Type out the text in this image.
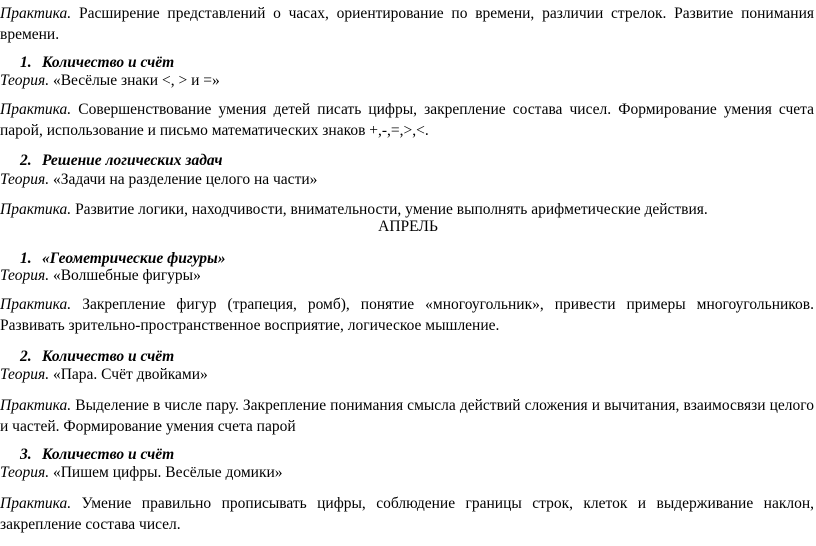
Практика. Расширение представлений о часах, ориентирование по времени, различии стрелок. Развитие понимания времени.

1. Количество и счёт

Теория. «Весёлые знаки <, > и =»

Практика. Совершенствование умения детей писать цифры, закрепление состава чисел. Формирование умения счета парой, использование и письмо математических знаков +,-,=,>,<.

2. Решение логических задач

Теория. «Задачи на разделение целого на части»

Практика. Развитие логики, находчивости, внимательности, умение выполнять арифметические действия.

АПРЕЛЬ

1. «Геометрические фигуры»

Теория. «Волшебные фигуры»

Практика. Закрепление фигур (трапеция, ромб), понятие «многоугольник», привести примеры многоугольников. Развивать зрительно-пространственное восприятие, логическое мышление.

2. Количество и счёт

Теория. «Пара. Счёт двойками»

Практика. Выделение в числе пару. Закрепление понимания смысла действий сложения и вычитания, взаимосвязи целого и частей. Формирование умения счета парой

3. Количество и счёт

Теория. «Пишем цифры. Весёлые домики»

Практика. Умение правильно прописывать цифры, соблюдение границы строк, клеток и выдерживание наклон, закрепление состава чисел.
